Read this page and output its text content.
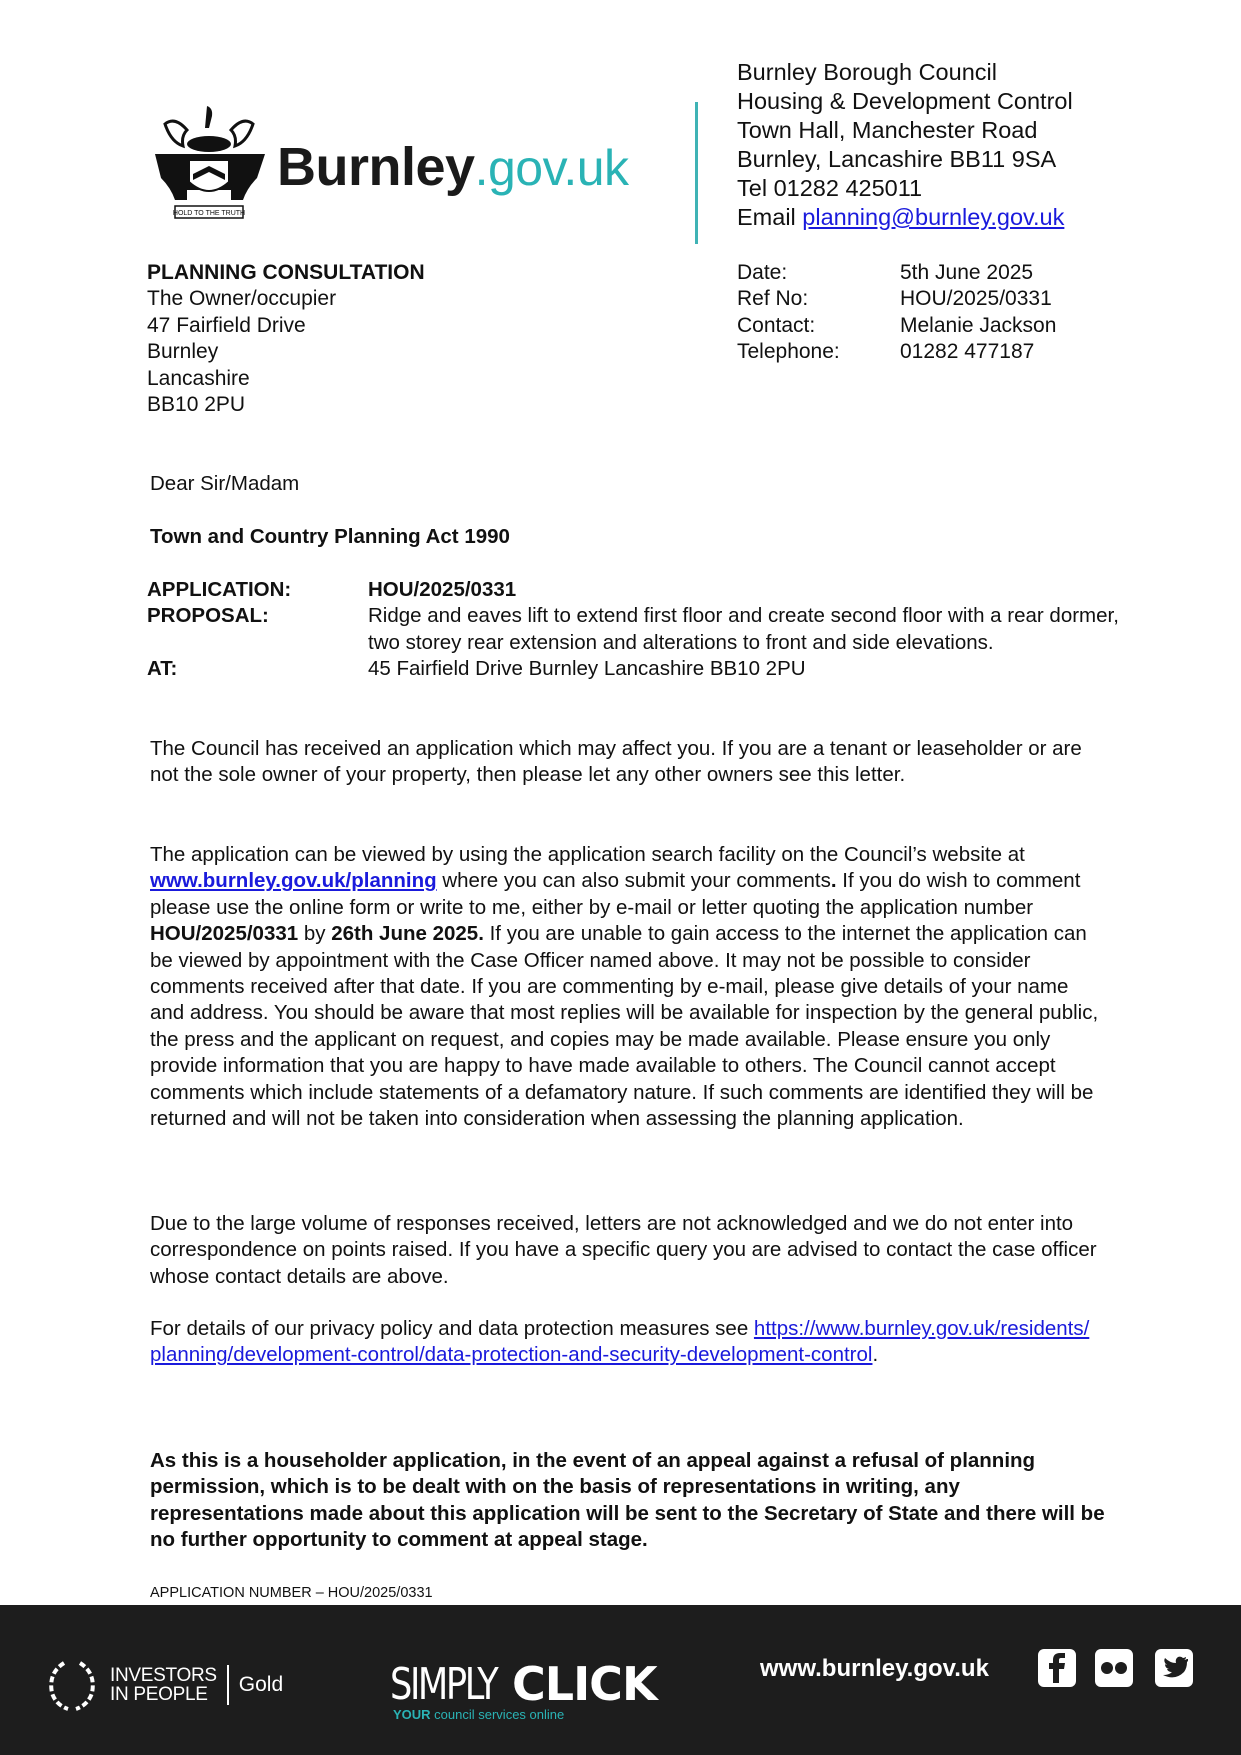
HOLD TO THE TRUTH
Burnley.gov.uk
Burnley Borough Council
Housing & Development Control
Town Hall, Manchester Road
Burnley, Lancashire BB11 9SA
Tel 01282 425011
Email planning@burnley.gov.uk
PLANNING CONSULTATION
The Owner/occupier
47 Fairfield Drive
Burnley
Lancashire
BB10 2PU
Date:	5th June 2025
Ref No:	HOU/2025/0331
Contact:	Melanie Jackson
Telephone:	01282 477187
Dear Sir/Madam
Town and Country Planning Act 1990
APPLICATION:	HOU/2025/0331
PROPOSAL:	Ridge and eaves lift to extend first floor and create second floor with a rear dormer, two storey rear extension and alterations to front and side elevations.
AT:	45 Fairfield Drive Burnley Lancashire BB10 2PU
The Council has received an application which may affect you. If you are a tenant or leaseholder or are not the sole owner of your property, then please let any other owners see this letter.
The application can be viewed by using the application search facility on the Council’s website at www.burnley.gov.uk/planning where you can also submit your comments. If you do wish to comment please use the online form or write to me, either by e-mail or letter quoting the application number HOU/2025/0331 by 26th June 2025. If you are unable to gain access to the internet the application can be viewed by appointment with the Case Officer named above. It may not be possible to consider comments received after that date. If you are commenting by e-mail, please give details of your name and address. You should be aware that most replies will be available for inspection by the general public, the press and the applicant on request, and copies may be made available. Please ensure you only provide information that you are happy to have made available to others. The Council cannot accept comments which include statements of a defamatory nature. If such comments are identified they will be returned and will not be taken into consideration when assessing the planning application.
Due to the large volume of responses received, letters are not acknowledged and we do not enter into correspondence on points raised. If you have a specific query you are advised to contact the case officer whose contact details are above.
For details of our privacy policy and data protection measures see https://www.burnley.gov.uk/residents/planning/development-control/data-protection-and-security-development-control.
As this is a householder application, in the event of an appeal against a refusal of planning permission, which is to be dealt with on the basis of representations in writing, any representations made about this application will be sent to the Secretary of State and there will be no further opportunity to comment at appeal stage.
APPLICATION NUMBER – HOU/2025/0331
INVESTORS
IN PEOPLE	Gold SIMPLY CLICK
YOUR council services online
www.burnley.gov.uk
